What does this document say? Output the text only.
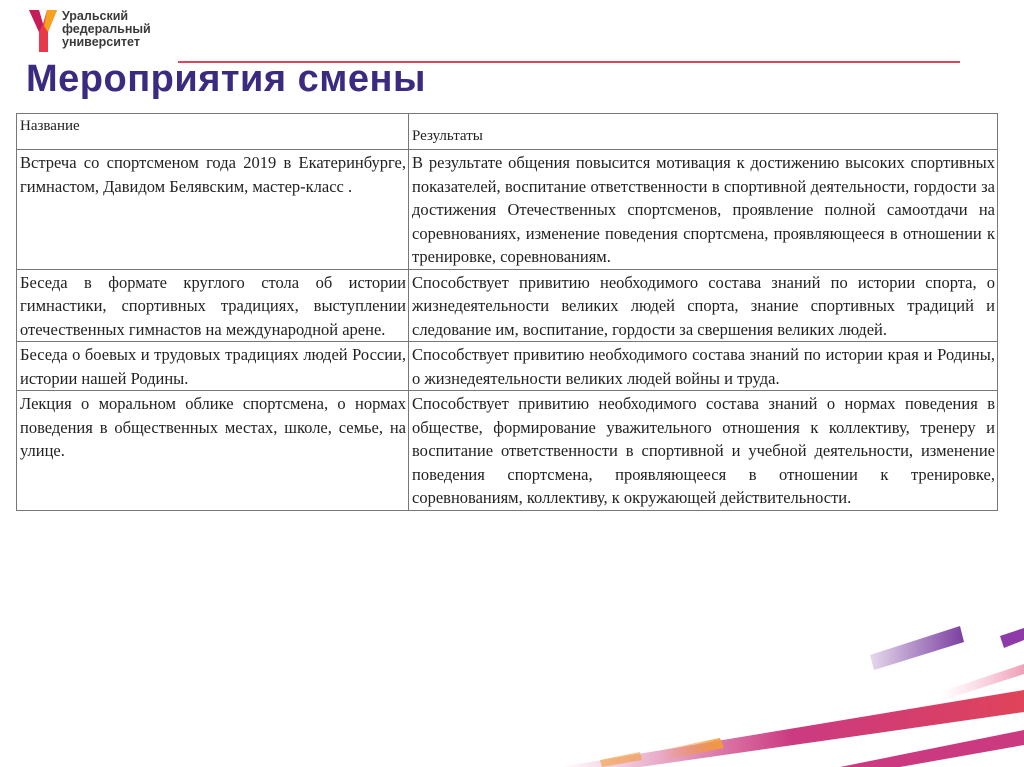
Уральский
федеральный
университет
Мероприятия смены
Название	Результаты
Встреча со спортсменом года 2019 в Екатеринбурге, гимнастом, Давидом Белявским, мастер-класс .	В результате общения повысится мотивация к достижению высоких спортивных показателей, воспитание ответственности в спортивной деятельности, гордости за достижения Отечественных спортсменов, проявление полной самоотдачи на соревнованиях, изменение поведения спортсмена, проявляющееся в отношении к тренировке, соревнованиям.
Беседа в формате круглого стола об истории гимнастики, спортивных традициях, выступлении отечественных гимнастов на международной арене.	Способствует привитию необходимого состава знаний по истории спорта, о жизнедеятельности великих людей спорта, знание спортивных традиций и следование им, воспитание, гордости за свершения великих людей.
Беседа о боевых и трудовых традициях людей России, истории нашей Родины.	Способствует привитию необходимого состава знаний по истории края и Родины, о жизнедеятельности великих людей войны и труда.
Лекция о моральном облике спортсмена, о нормах поведения в общественных местах, школе, семье, на улице.	Способствует привитию необходимого состава знаний о нормах поведения в обществе, формирование уважительного отношения к коллективу, тренеру и воспитание ответственности в спортивной и учебной деятельности, изменение поведения спортсмена, проявляющееся в отношении к тренировке, соревнованиям, коллективу, к окружающей действительности.
